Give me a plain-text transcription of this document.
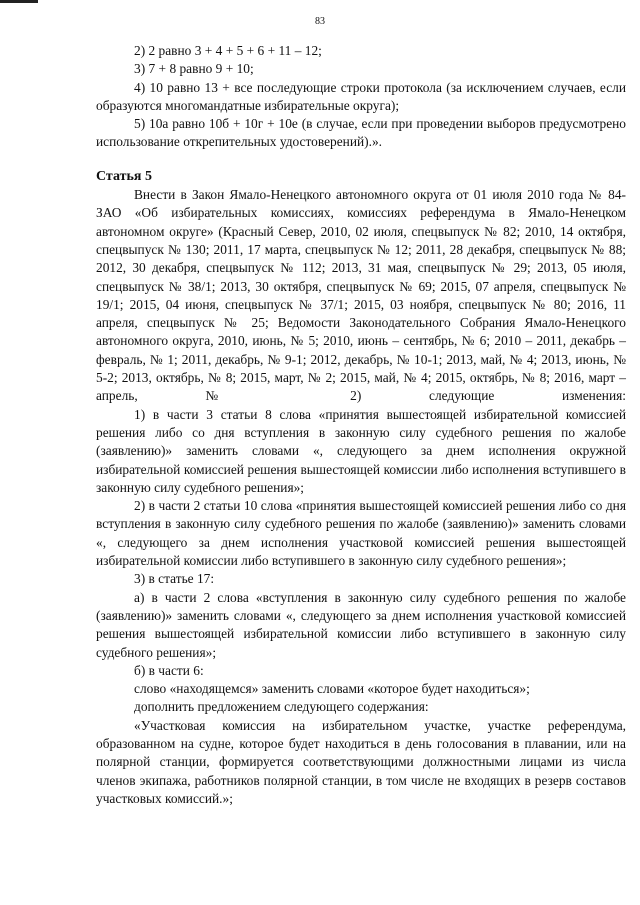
83

2) 2 равно 3 + 4 + 5 + 6 + 11 – 12;

3) 7 + 8 равно 9 + 10;

4) 10 равно 13 + все последующие строки протокола (за исключением случаев, если образуются многомандатные избирательные округа);

5) 10а равно 10б + 10г + 10е (в случае, если при проведении выборов предусмотрено использование открепительных удостоверений).».

Статья 5

Внести в Закон Ямало-Ненецкого автономного округа от 01 июля 2010 года № 84-ЗАО «Об избирательных комиссиях, комиссиях референдума в Ямало-Ненецком автономном округе» (Красный Север, 2010, 02 июля, спецвыпуск № 82; 2010, 14 октября, спецвыпуск № 130; 2011, 17 марта, спецвыпуск № 12; 2011, 28 декабря, спецвыпуск № 88; 2012, 30 декабря, спецвыпуск № 112; 2013, 31 мая, спецвыпуск № 29; 2013, 05 июля, спецвыпуск № 38/1; 2013, 30 октября, спецвыпуск № 69; 2015, 07 апреля, спецвыпуск № 19/1; 2015, 04 июня, спецвыпуск № 37/1; 2015, 03 ноября, спецвыпуск № 80; 2016, 11 апреля, спецвыпуск № 25; Ведомости Законодательного Собрания Ямало-Ненецкого автономного округа, 2010, июнь, № 5; 2010, июнь – сентябрь, № 6; 2010 – 2011, декабрь – февраль, № 1; 2011, декабрь, № 9-1; 2012, декабрь, № 10-1; 2013, май, № 4; 2013, июнь, № 5-2; 2013, октябрь, № 8; 2015, март, № 2; 2015, май, № 4; 2015, октябрь, № 8; 2016, март – апрель, № 2) следующие изменения:

1) в части 3 статьи 8 слова «принятия вышестоящей избирательной комиссией решения либо со дня вступления в законную силу судебного решения по жалобе (заявлению)» заменить словами «, следующего за днем исполнения окружной избирательной комиссией решения вышестоящей комиссии либо исполнения вступившего в законную силу судебного решения»;

2) в части 2 статьи 10 слова «принятия вышестоящей комиссией решения либо со дня вступления в законную силу судебного решения по жалобе (заявлению)» заменить словами «, следующего за днем исполнения участковой комиссией решения вышестоящей избирательной комиссии либо вступившего в законную силу судебного решения»;

3) в статье 17:

а) в части 2 слова «вступления в законную силу судебного решения по жалобе (заявлению)» заменить словами «, следующего за днем исполнения участковой комиссией решения вышестоящей избирательной комиссии либо вступившего в законную силу судебного решения»;

б) в части 6:

слово «находящемся» заменить словами «которое будет находиться»;

дополнить предложением следующего содержания:

«Участковая комиссия на избирательном участке, участке референдума, образованном на судне, которое будет находиться в день голосования в плавании, или на полярной станции, формируется соответствующими должностными лицами из числа членов экипажа, работников полярной станции, в том числе не входящих в резерв составов участковых комиссий.»;
